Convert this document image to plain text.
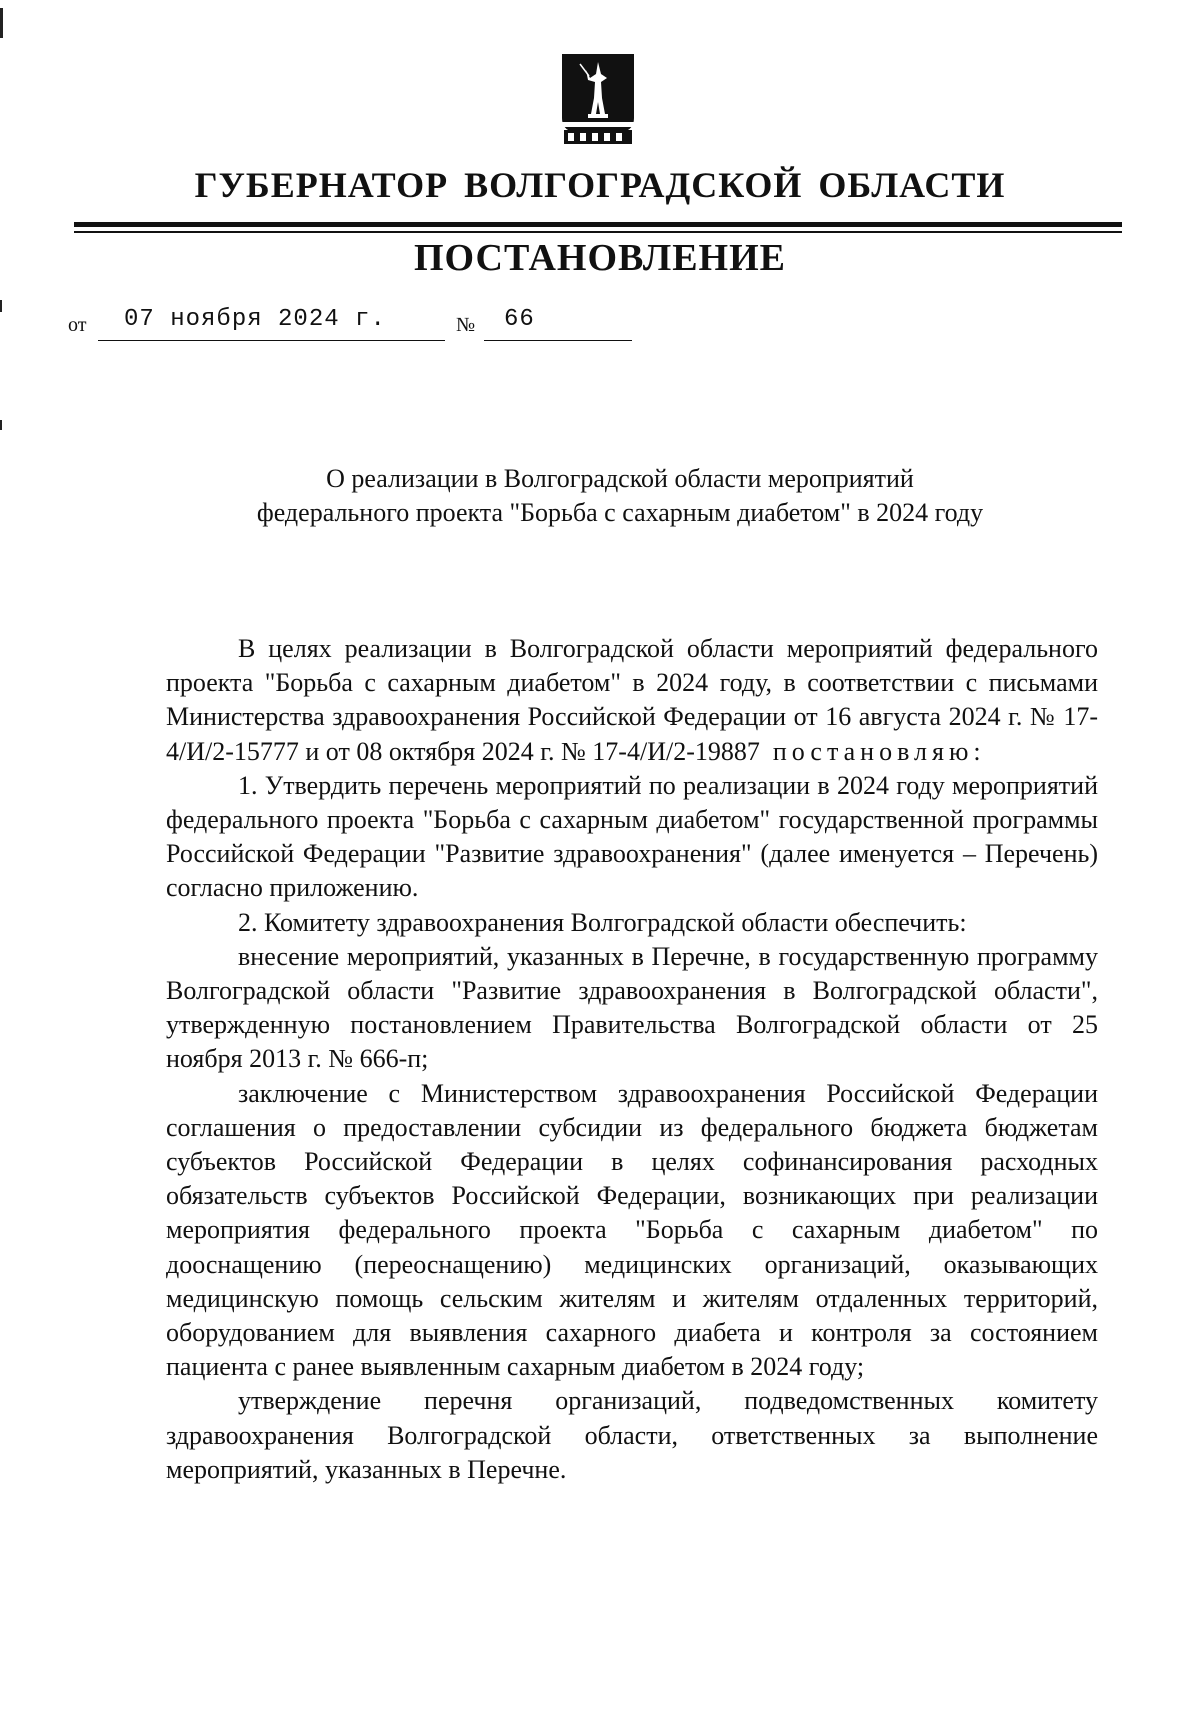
ГУБЕРНАТОР ВОЛГОГРАДСКОЙ ОБЛАСТИ
ПОСТАНОВЛЕНИЕ
от 07 ноября 2024 г.	№ 66
О реализации в Волгоградской области мероприятий
федерального проекта "Борьба с сахарным диабетом" в 2024 году

В целях реализации в Волгоградской области мероприятий федерального проекта "Борьба с сахарным диабетом" в 2024 году, в соответствии с письмами Министерства здравоохранения Российской Федерации от 16 августа 2024 г. № 17-4/И/2-15777 и от 08 октября 2024 г. № 17-4/И/2-19887 постановляю:

1. Утвердить перечень мероприятий по реализации в 2024 году мероприятий федерального проекта "Борьба с сахарным диабетом" государственной программы Российской Федерации "Развитие здравоохранения" (далее именуется – Перечень) согласно приложению.

2. Комитету здравоохранения Волгоградской области обеспечить:

внесение мероприятий, указанных в Перечне, в государственную программу Волгоградской области "Развитие здравоохранения в Волгоградской области", утвержденную постановлением Правительства Волгоградской области от 25 ноября 2013 г. № 666-п;

заключение с Министерством здравоохранения Российской Федерации соглашения о предоставлении субсидии из федерального бюджета бюджетам субъектов Российской Федерации в целях софинансирования расходных обязательств субъектов Российской Федерации, возникающих при реализации мероприятия федерального проекта "Борьба с сахарным диабетом" по дооснащению (переоснащению) медицинских организаций, оказывающих медицинскую помощь сельским жителям и жителям отдаленных территорий, оборудованием для выявления сахарного диабета и контроля за состоянием пациента с ранее выявленным сахарным диабетом в 2024 году;

утверждение перечня организаций, подведомственных комитету здравоохранения Волгоградской области, ответственных за выполнение мероприятий, указанных в Перечне.
